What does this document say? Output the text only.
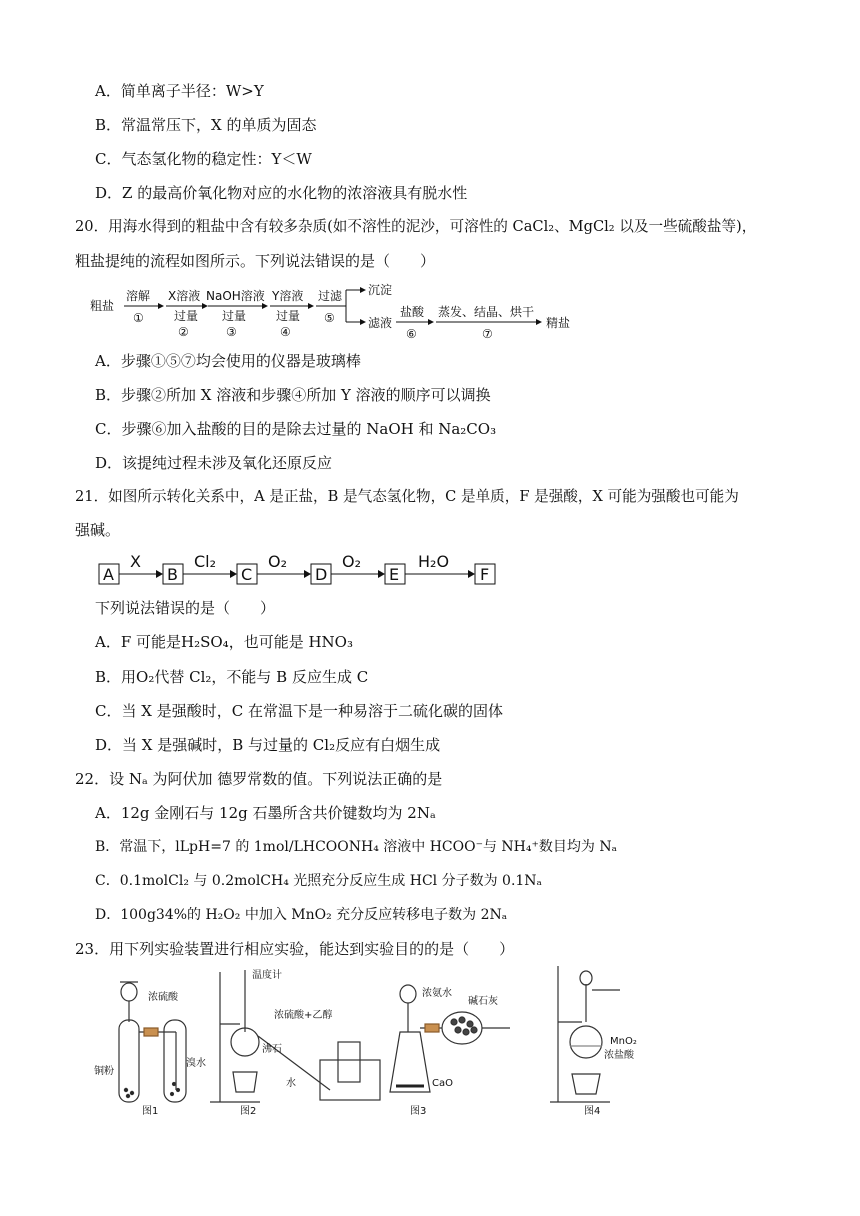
A．简单离子半径：W>Y
B．常温常压下，X 的单质为固态
C．气态氢化物的稳定性：Y＜W
D．Z 的最高价氧化物对应的水化物的浓溶液具有脱水性
20．用海水得到的粗盐中含有较多杂质(如不溶性的泥沙，可溶性的 CaCl₂、MgCl₂ 以及一些硫酸盐等)，
粗盐提纯的流程如图所示。下列说法错误的是（　　）
粗盐
溶解
①
X溶液
过量
②
NaOH溶液
过量
③
Y溶液
过量
④
过滤
⑤
沉淀
滤液
盐酸
⑥
蒸发、结晶、烘干
⑦
精盐
A．步骤①⑤⑦均会使用的仪器是玻璃棒
B．步骤②所加 X 溶液和步骤④所加 Y 溶液的顺序可以调换
C．步骤⑥加入盐酸的目的是除去过量的 NaOH 和 Na₂CO₃
D．该提纯过程未涉及氧化还原反应
21．如图所示转化关系中，A 是正盐，B 是气态氢化物，C 是单质，F 是强酸，X 可能为强酸也可能为
强碱。
A
X
B
Cl₂
C
O₂
D
O₂
E
H₂O
F
下列说法错误的是（　　）
A．F 可能是H₂SO₄，也可能是 HNO₃
B．用O₂代替 Cl₂，不能与 B 反应生成 C
C．当 X 是强酸时，C 在常温下是一种易溶于二硫化碳的固体
D．当 X 是强碱时，B 与过量的 Cl₂反应有白烟生成
22．设 Nₐ 为阿伏加 德罗常数的值。下列说法正确的是
A．12g 金刚石与 12g 石墨所含共价键数均为 2Nₐ
B．常温下，lLpH=7 的 1mol/LHCOONH₄ 溶液中 HCOO⁻与 NH₄⁺数目均为 Nₐ
C．0.1molCl₂ 与 0.2molCH₄ 光照充分反应生成 HCl 分子数为 0.1Nₐ
D．100g34%的 H₂O₂ 中加入 MnO₂ 充分反应转移电子数为 2Nₐ
23．用下列实验装置进行相应实验，能达到实验目的的是（　　）
浓硫酸
铜粉
溴水
图1
温度计
浓硫酸+乙醇
沸石
水
图2
浓氨水
碱石灰
CaO
图3
MnO₂
浓盐酸
图4
